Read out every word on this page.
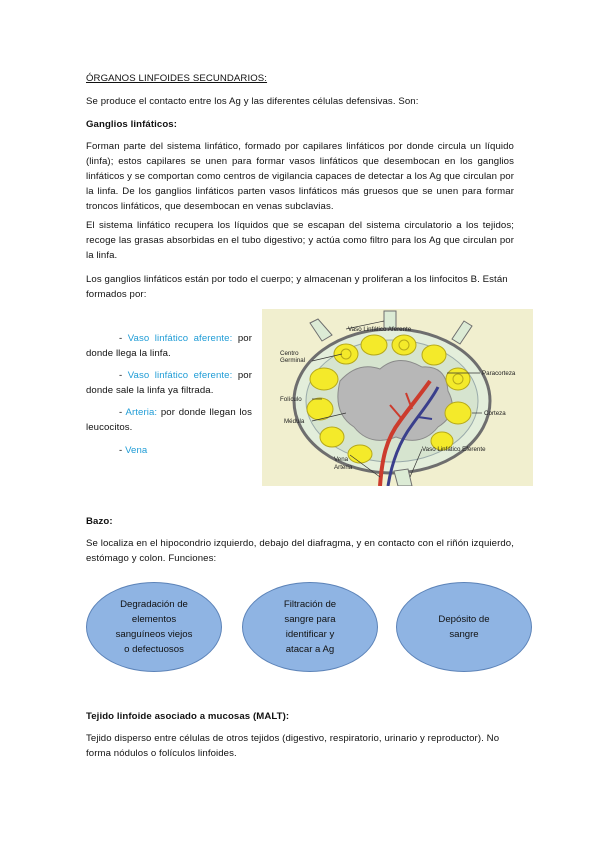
ÓRGANOS LINFOIDES SECUNDARIOS:
Se produce el contacto entre los Ag y las diferentes células defensivas. Son:
Ganglios linfáticos:
Forman parte del sistema linfático, formado por capilares linfáticos por donde circula un líquido (linfa); estos capilares se unen para formar vasos linfáticos que desembocan en los ganglios linfáticos y se comportan como centros de vigilancia capaces de detectar a los Ag que circulan por la linfa. De los ganglios linfáticos parten vasos linfáticos más gruesos que se unen para formar troncos linfáticos, que desembocan en venas subclavias.
El sistema linfático recupera los líquidos que se escapan del sistema circulatorio a los tejidos; recoge las grasas absorbidas en el tubo digestivo; y actúa como filtro para los Ag que circulan por la linfa.
Los ganglios linfáticos están por todo el cuerpo; y almacenan y proliferan a los linfocitos B. Están formados por:
- Vaso linfático aferente: por donde llega la linfa.
- Vaso linfático eferente: por donde sale la linfa ya filtrada.
- Arteria: por donde llegan los leucocitos.
- Vena
Vaso Linfático Aferente
Centro
Germinal
Paracorteza
Folículo
Corteza
Médula
Vaso Linfático Eferente
Vena
Arteria
Bazo:
Se localiza en el hipocondrio izquierdo, debajo del diafragma, y en contacto con el riñón izquierdo, estómago y colon. Funciones:
Degradación de
elementos
sanguíneos viejos
o defectuosos
Filtración de
sangre para
identificar y
atacar a Ag
Depósito de
sangre
Tejido linfoide asociado a mucosas (MALT):
Tejido disperso entre células de otros tejidos (digestivo, respiratorio, urinario y reproductor). No forma nódulos o folículos linfoides.
